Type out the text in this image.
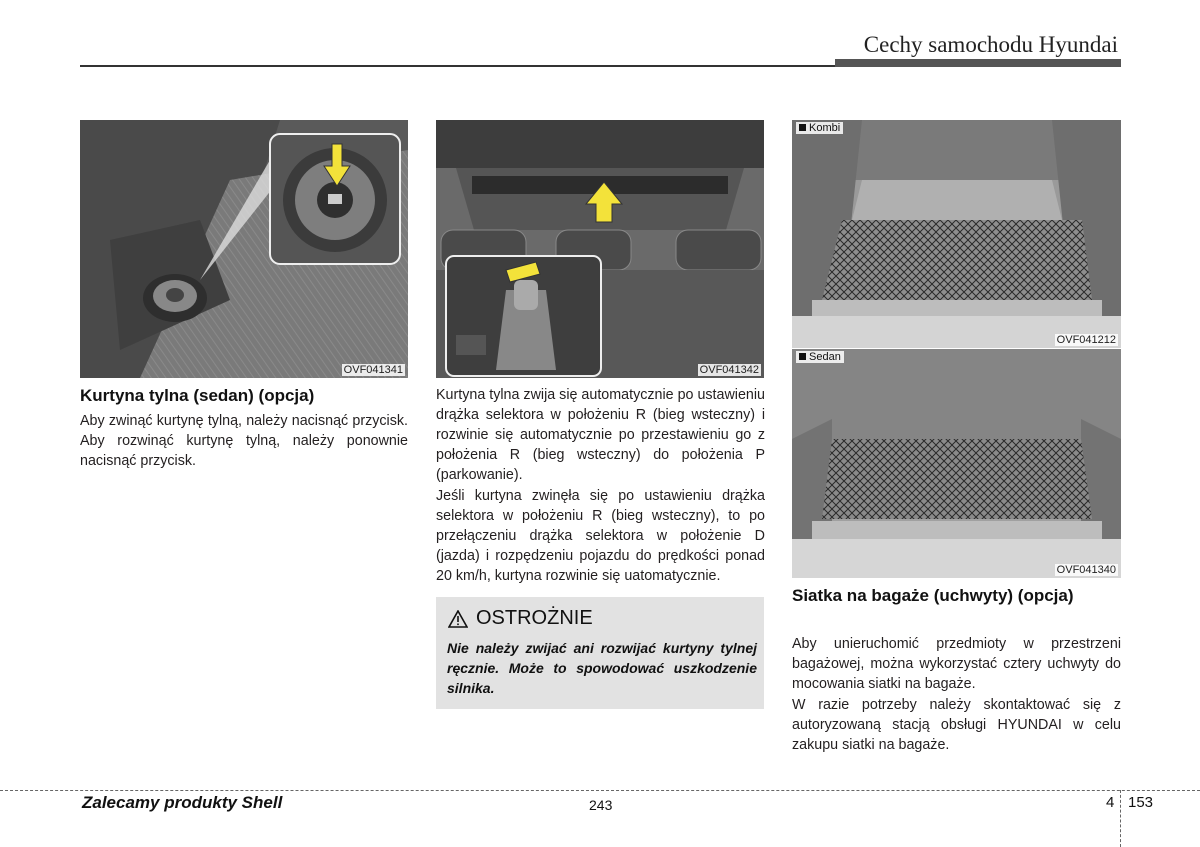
Cechy samochodu Hyundai
OVF041341	OVF041342
Kombi
OVF041212
Sedan
OVF041340
Kurtyna tylna (sedan) (opcja)
Aby zwinąć kurtynę tylną, należy nacisnąć przycisk. Aby rozwinąć kurtynę tylną, należy ponownie nacisnąć przycisk.
Kurtyna tylna zwija się automatycznie po ustawieniu drążka selektora w położeniu R (bieg wsteczny) i rozwinie się automatycznie po przestawieniu go z położenia R (bieg wsteczny) do położenia P (parkowanie).
Jeśli kurtyna zwinęła się po ustawieniu drążka selektora w położeniu R (bieg wsteczny), to po przełączeniu drążka selektora w położenie D (jazda) i rozpędzeniu pojazdu do prędkości ponad 20 km/h, kurtyna rozwinie się uatomatycznie.
OSTROŻNIE
Nie należy zwijać ani rozwijać kurtyny tylnej ręcznie. Może to spowodować uszkodzenie silnika.
Siatka na bagaże (uchwyty) (opcja)
Aby unieruchomić przedmioty w przestrzeni bagażowej, można wykorzystać cztery uchwyty do mocowania siatki na bagaże.
W razie potrzeby należy skontaktować się z autoryzowaną stacją obsługi HYUNDAI w celu zakupu siatki na bagaże.
Zalecamy produkty Shell	243	4 153
